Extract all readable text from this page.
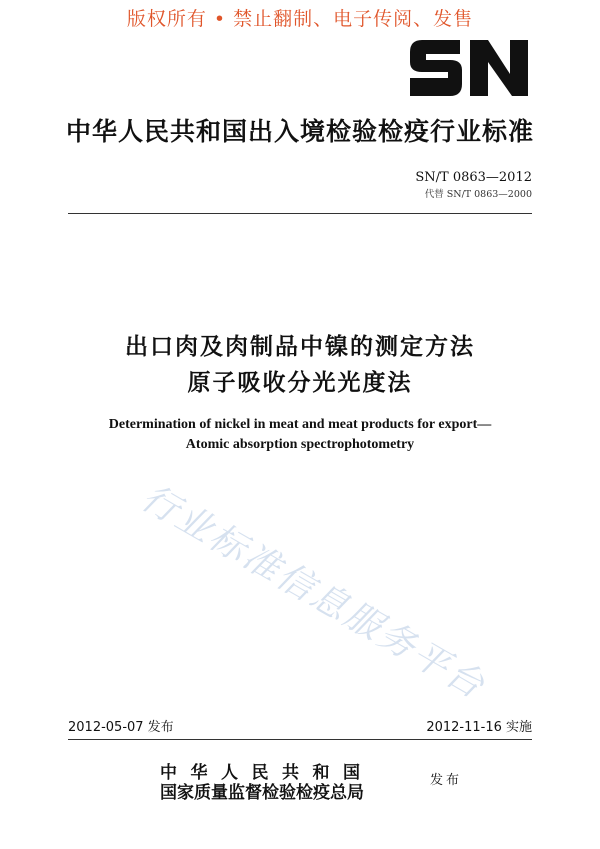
版权所有 • 禁止翻制、电子传阅、发售
中华人民共和国出入境检验检疫行业标准
SN/T 0863—2012
代替 SN/T 0863—2000
出口肉及肉制品中镍的测定方法
原子吸收分光光度法
Determination of nickel in meat and meat products for export—
Atomic absorption spectrophotometry
行业标准信息服务平台
2012-05-07 发布	2012-11-16 实施
中华人民共和国
国家质量监督检验检疫总局
发布
